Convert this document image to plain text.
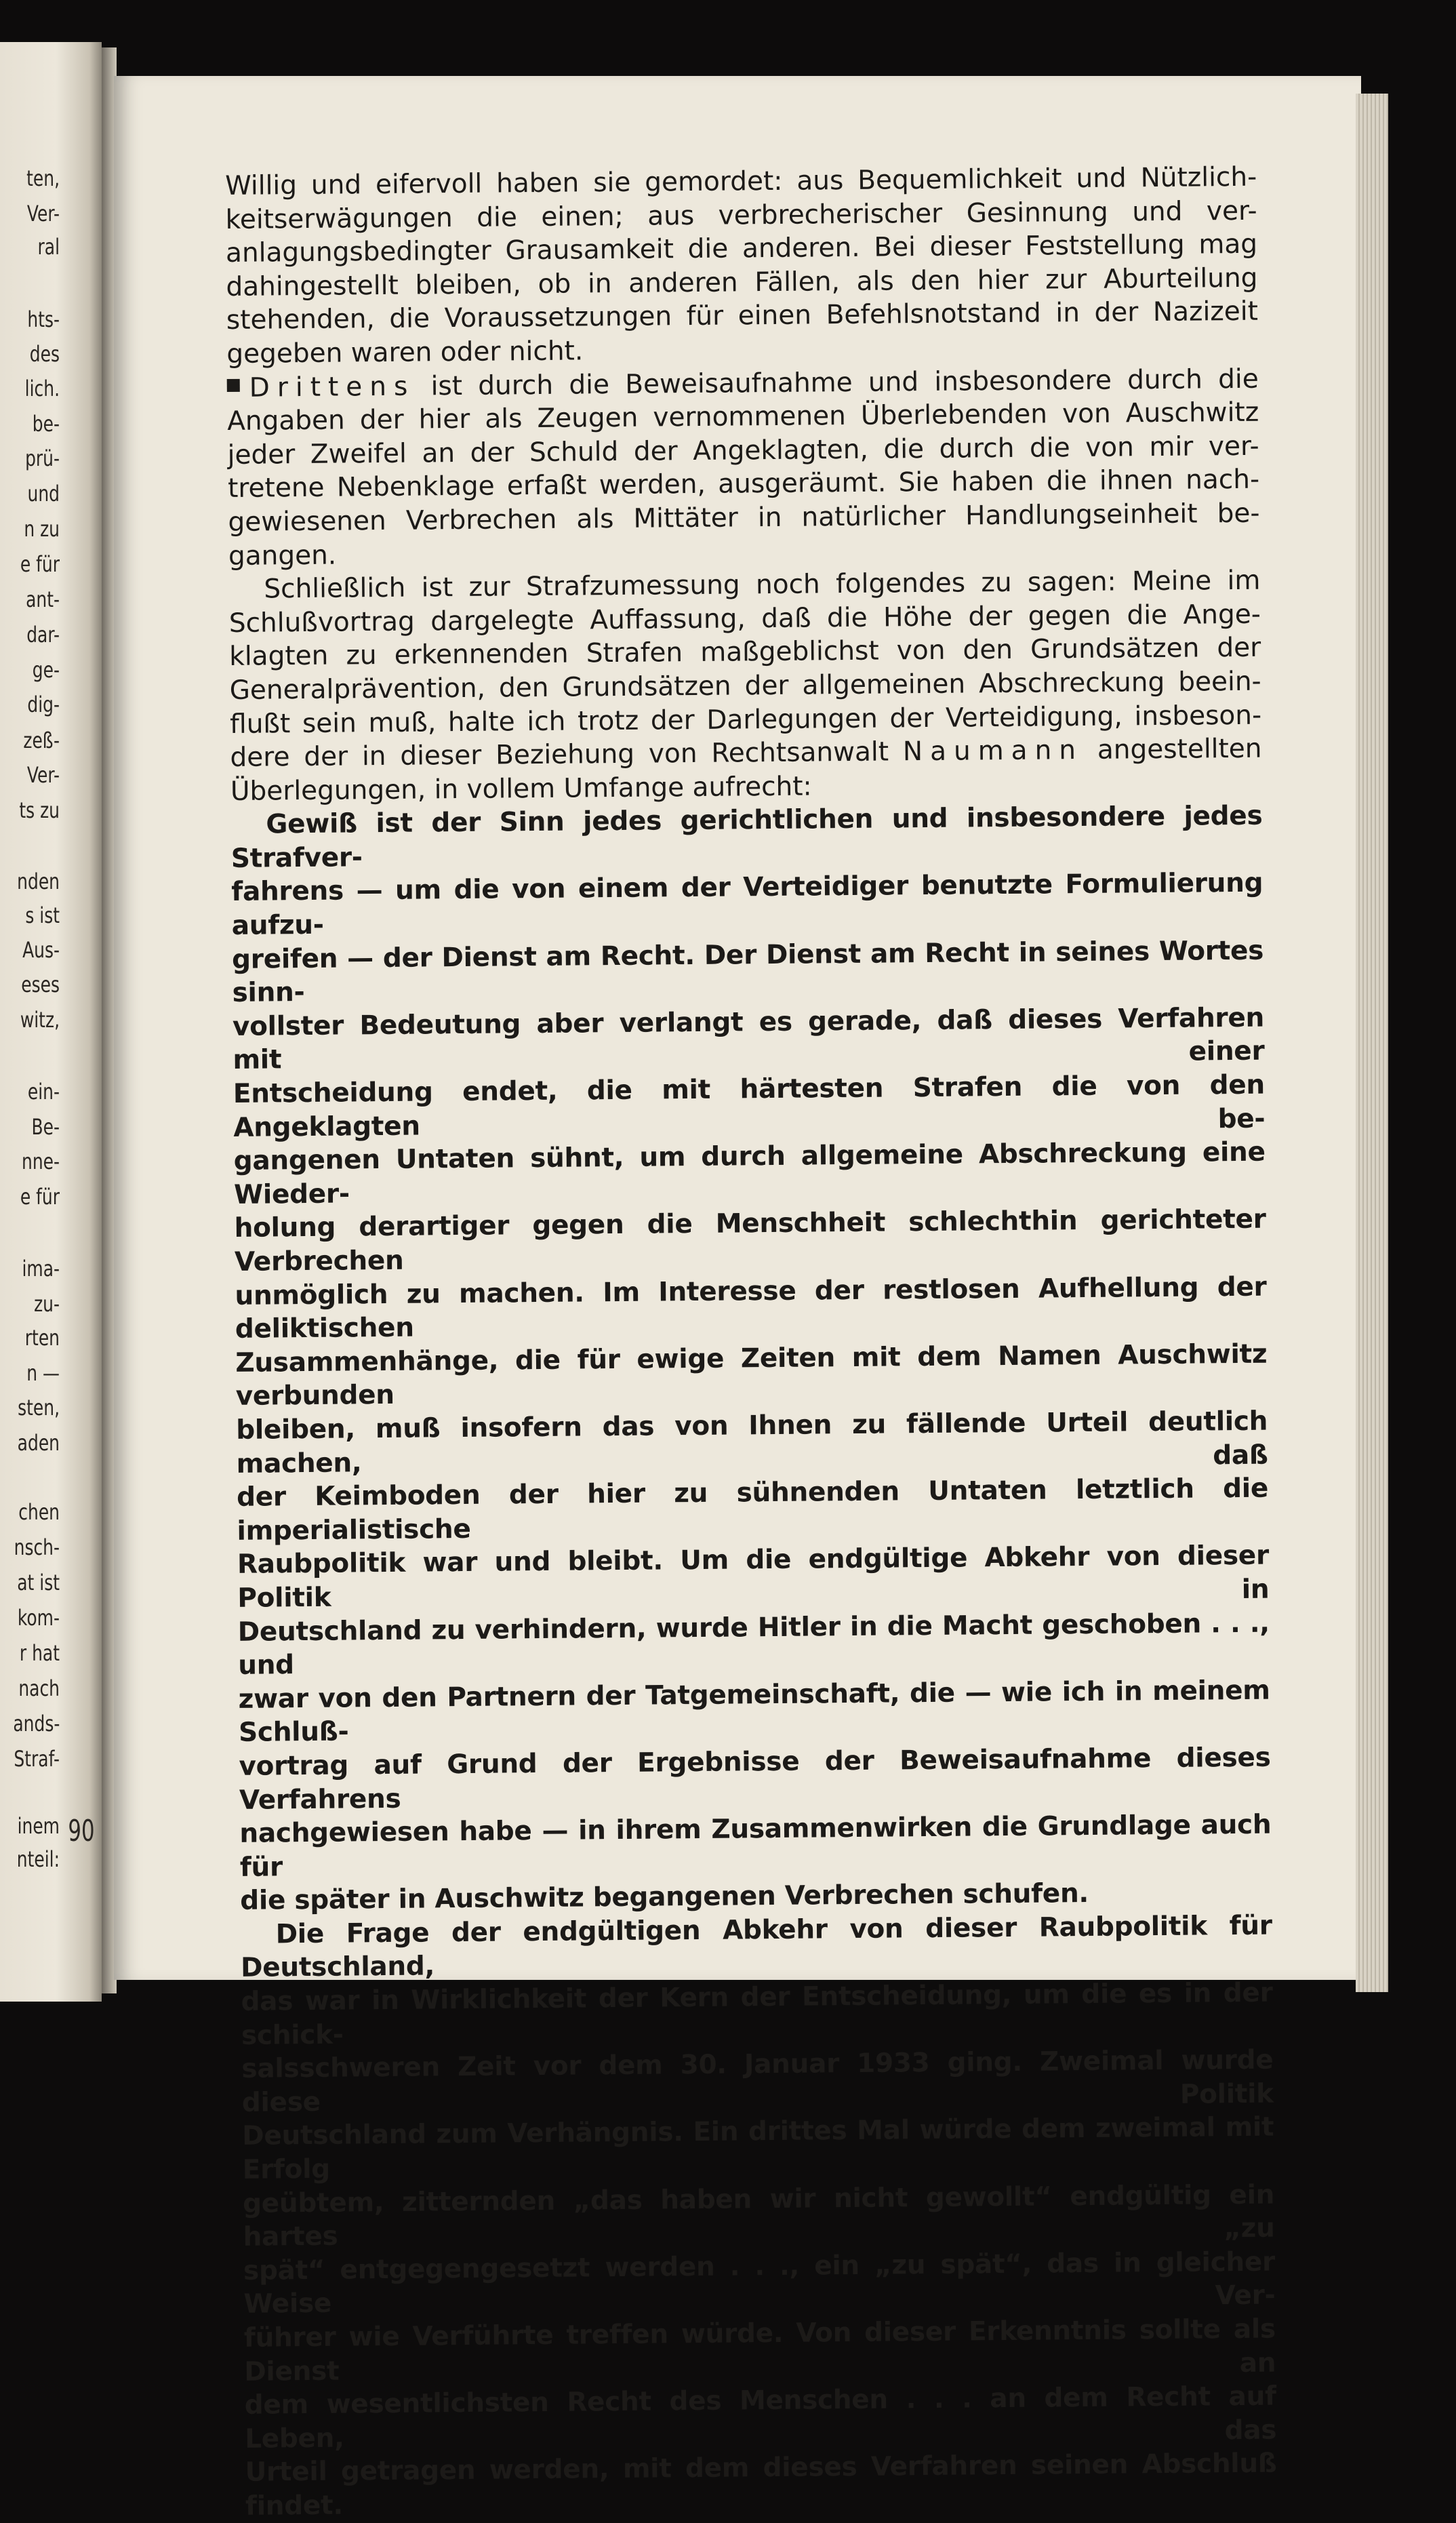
ten,

Ver-

ral

hts-

des

lich.

be-

prü-

und

n zu

e für

ant-

dar-

ge-

dig-

zeß-

Ver-

ts zu

nden

s ist

Aus-

eses

witz,

ein-

Be-

nne-

e für

ima-

zu-

rten

n —

sten,

aden

chen

nsch-

at ist

kom-

r hat

nach

ands-

Straf-

inem

nteil:

90

Willig und eifervoll haben sie gemordet: aus Bequemlichkeit und Nützlich-

keitserwägungen die einen; aus verbrecherischer Gesinnung und ver-

anlagungsbedingter Grausamkeit die anderen. Bei dieser Feststellung mag

dahingestellt bleiben, ob in anderen Fällen, als den hier zur Aburteilung

stehenden, die Voraussetzungen für einen Befehlsnotstand in der Nazizeit

gegeben waren oder nicht.

Drittens ist durch die Beweisaufnahme und insbesondere durch die

Angaben der hier als Zeugen vernommenen Überlebenden von Auschwitz

jeder Zweifel an der Schuld der Angeklagten, die durch die von mir ver-

tretene Nebenklage erfaßt werden, ausgeräumt. Sie haben die ihnen nach-

gewiesenen Verbrechen als Mittäter in natürlicher Handlungseinheit be-

gangen.

Schließlich ist zur Strafzumessung noch folgendes zu sagen: Meine im

Schlußvortrag dargelegte Auffassung, daß die Höhe der gegen die Ange-

klagten zu erkennenden Strafen maßgeblichst von den Grundsätzen der

Generalprävention, den Grundsätzen der allgemeinen Abschreckung beein-

flußt sein muß, halte ich trotz der Darlegungen der Verteidigung, insbeson-

dere der in dieser Beziehung von Rechtsanwalt Naumann angestellten

Überlegungen, in vollem Umfange aufrecht:

Gewiß ist der Sinn jedes gerichtlichen und insbesondere jedes Strafver-

fahrens — um die von einem der Verteidiger benutzte Formulierung aufzu-

greifen — der Dienst am Recht. Der Dienst am Recht in seines Wortes sinn-

vollster Bedeutung aber verlangt es gerade, daß dieses Verfahren mit einer

Entscheidung endet, die mit härtesten Strafen die von den Angeklagten be-

gangenen Untaten sühnt, um durch allgemeine Abschreckung eine Wieder-

holung derartiger gegen die Menschheit schlechthin gerichteter Verbrechen

unmöglich zu machen. Im Interesse der restlosen Aufhellung der deliktischen

Zusammenhänge, die für ewige Zeiten mit dem Namen Auschwitz verbunden

bleiben, muß insofern das von Ihnen zu fällende Urteil deutlich machen, daß

der Keimboden der hier zu sühnenden Untaten letztlich die imperialistische

Raubpolitik war und bleibt. Um die endgültige Abkehr von dieser Politik in

Deutschland zu verhindern, wurde Hitler in die Macht geschoben . . ., und

zwar von den Partnern der Tatgemeinschaft, die — wie ich in meinem Schluß-

vortrag auf Grund der Ergebnisse der Beweisaufnahme dieses Verfahrens

nachgewiesen habe — in ihrem Zusammenwirken die Grundlage auch für

die später in Auschwitz begangenen Verbrechen schufen.

Die Frage der endgültigen Abkehr von dieser Raubpolitik für Deutschland,

das war in Wirklichkeit der Kern der Entscheidung, um die es in der schick-

salsschweren Zeit vor dem 30. Januar 1933 ging. Zweimal wurde diese Politik

Deutschland zum Verhängnis. Ein drittes Mal würde dem zweimal mit Erfolg

geübtem, zitternden „das haben wir nicht gewollt“ endgültig ein hartes „zu

spät“ entgegengesetzt werden . . ., ein „zu spät“, das in gleicher Weise Ver-

führer wie Verführte treffen würde. Von dieser Erkenntnis sollte als Dienst an

dem wesentlichsten Recht des Menschen . . . an dem Recht auf Leben, das

Urteil getragen werden, mit dem dieses Verfahren seinen Abschluß findet.
